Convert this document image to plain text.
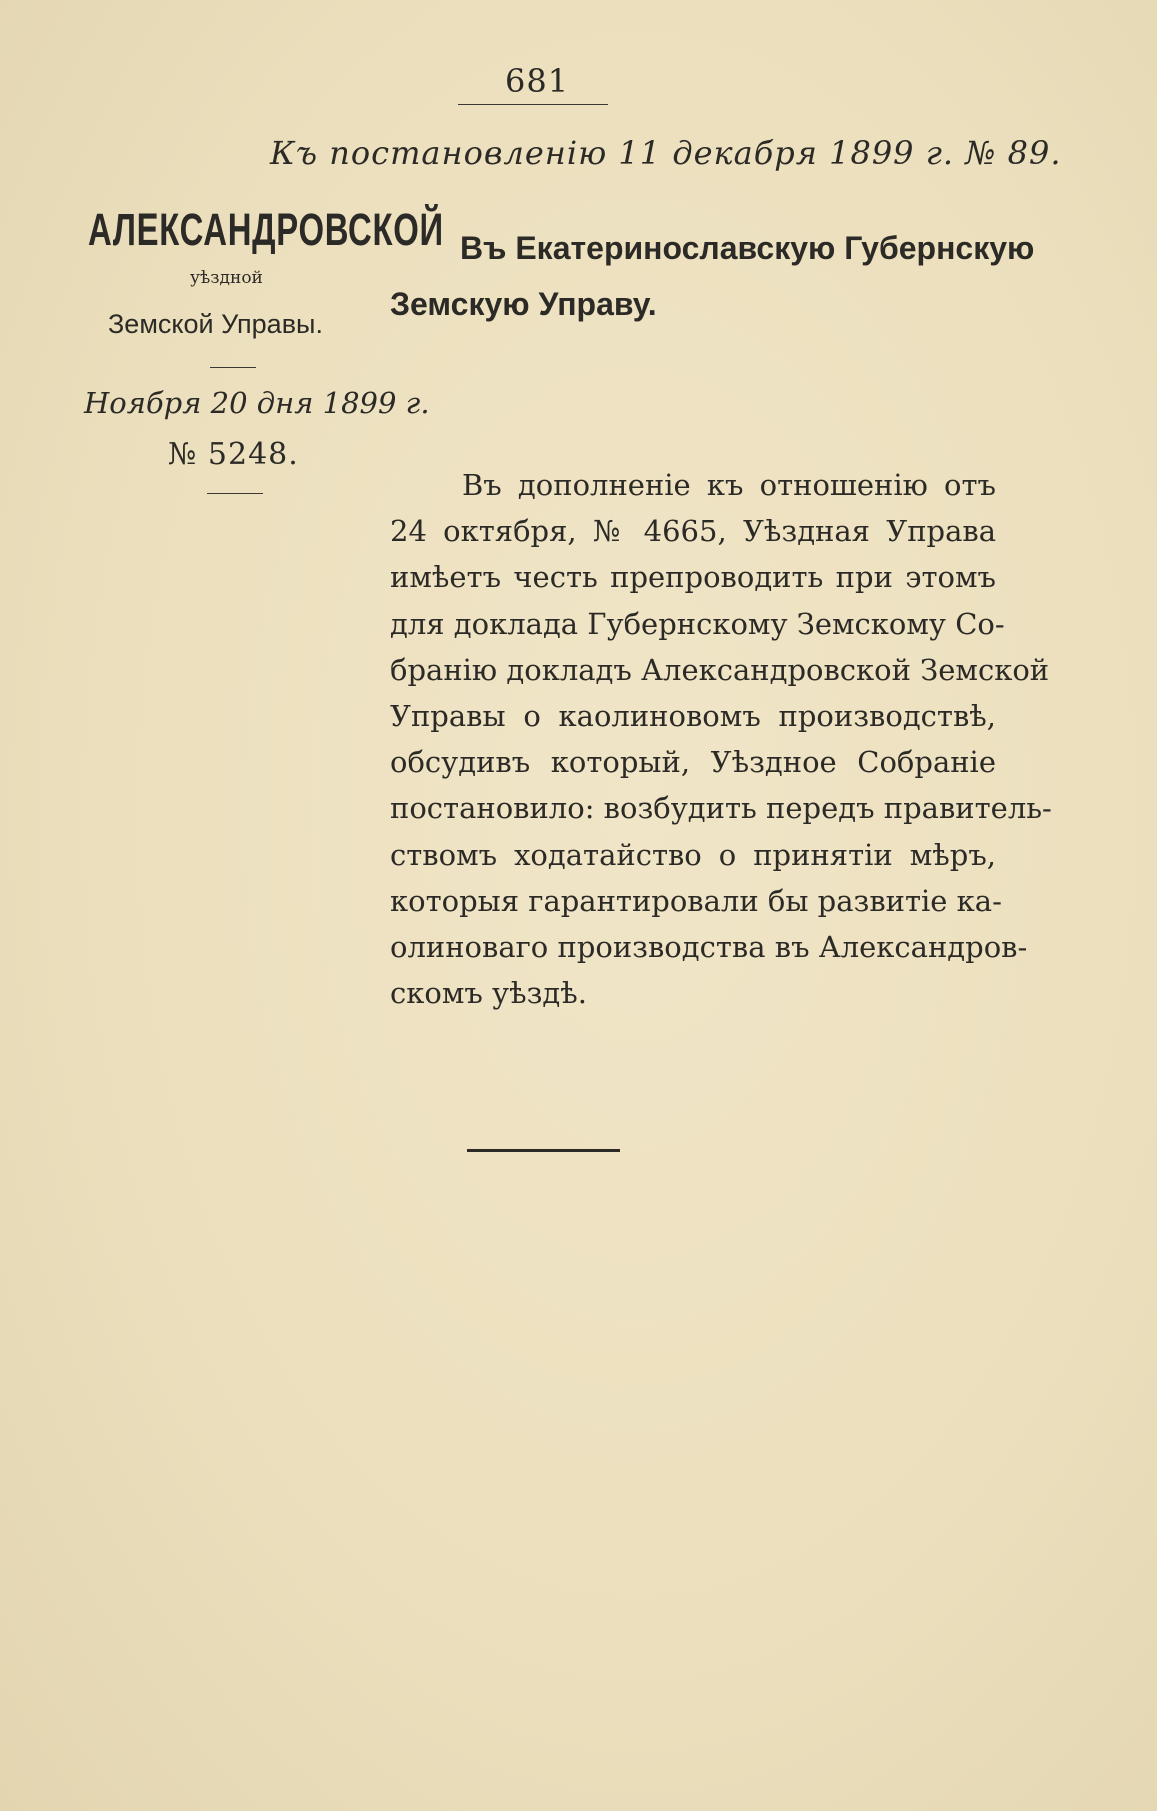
681
Къ постановленію 11 декабря 1899 г. № 89.
АЛЕКСАНДРОВСКОЙ
уѣздной
Земской Управы.
Ноября 20 дня 1899 г.
№ 5248.
Въ Екатеринославскую Губернскую
Земскую Управу.
Въ дополненіе къ отношенію отъ
24 октября, № 4665, Уѣздная Управа
имѣетъ честь препроводить при этомъ
для доклада Губернскому Земскому Со-
бранію докладъ Александровской Земской
Управы о каолиновомъ производствѣ,
обсудивъ который, Уѣздное Собраніе
постановило: возбудить передъ правитель-
ствомъ ходатайство о принятіи мѣръ,
которыя гарантировали бы развитіе ка-
олиноваго производства въ Александров-
скомъ уѣздѣ.
